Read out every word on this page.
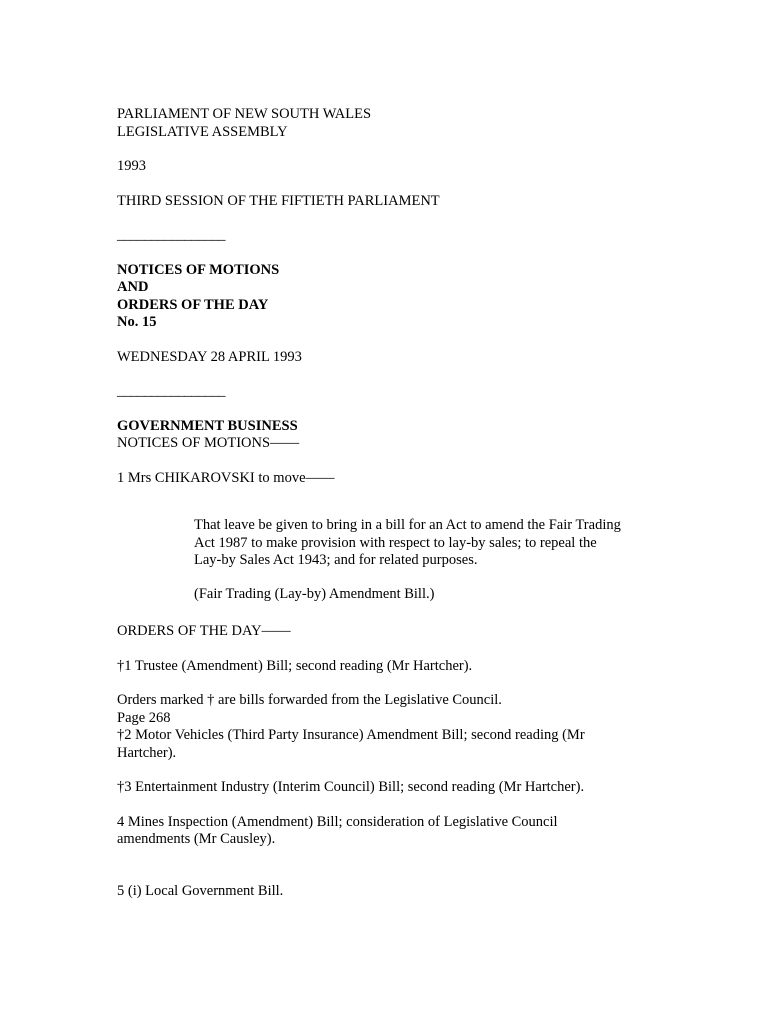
PARLIAMENT OF NEW SOUTH WALES
LEGISLATIVE ASSEMBLY
1993
THIRD SESSION OF THE FIFTIETH PARLIAMENT
________________
NOTICES OF MOTIONS
AND
ORDERS OF THE DAY
No. 15
WEDNESDAY 28 APRIL 1993
________________
GOVERNMENT BUSINESS
NOTICES OF MOTIONS——
1 Mrs CHIKAROVSKI to move——
That leave be given to bring in a bill for an Act to amend the Fair Trading
Act 1987 to make provision with respect to lay-by sales; to repeal the
Lay-by Sales Act 1943; and for related purposes.
(Fair Trading (Lay-by) Amendment Bill.)
ORDERS OF THE DAY——
†1 Trustee (Amendment) Bill; second reading (Mr Hartcher).
Orders marked † are bills forwarded from the Legislative Council.
Page 268
†2 Motor Vehicles (Third Party Insurance) Amendment Bill; second reading (Mr
Hartcher).
†3 Entertainment Industry (Interim Council) Bill; second reading (Mr Hartcher).
4 Mines Inspection (Amendment) Bill; consideration of Legislative Council
amendments (Mr Causley).
5 (i) Local Government Bill.
